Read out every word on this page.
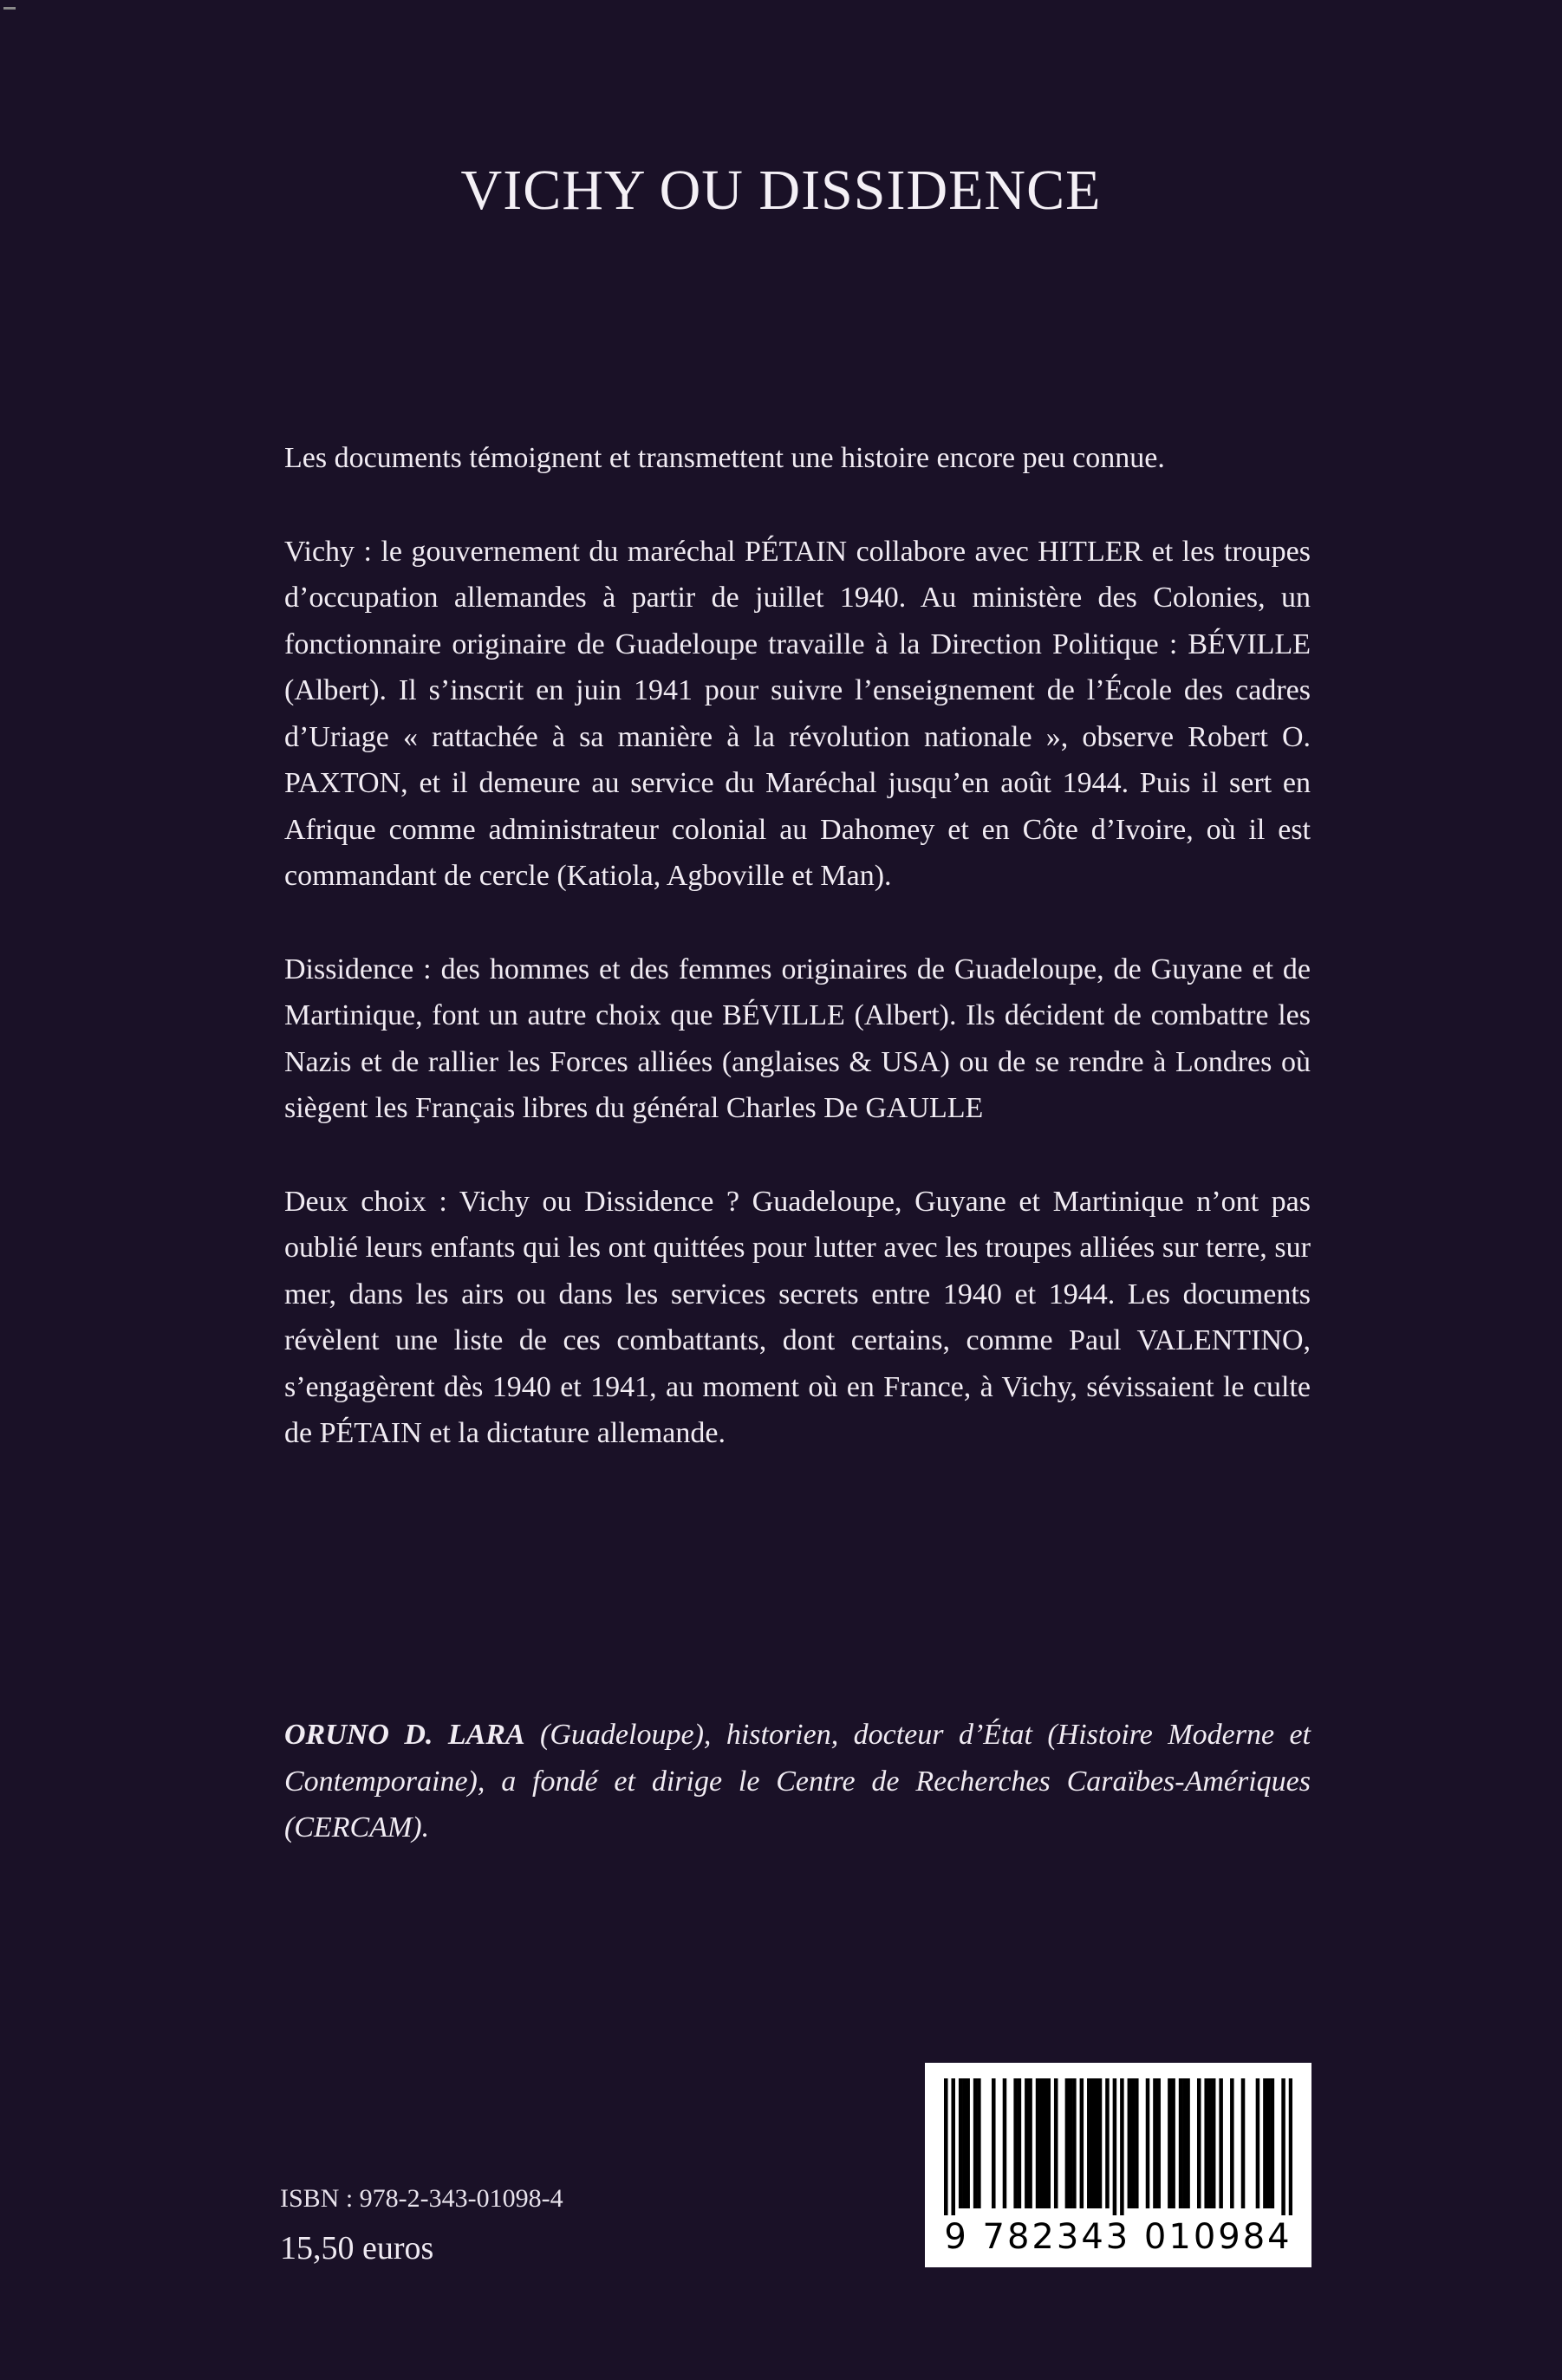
VICHY OU DISSIDENCE

Les documents témoignent et transmettent une histoire encore peu connue.

Vichy : le gouvernement du maréchal PÉTAIN collabore avec HITLER et les troupes d’occupation allemandes à partir de juillet 1940. Au ministère des Colonies, un fonctionnaire originaire de Guadeloupe travaille à la Direction Politique : BÉVILLE (Albert). Il s’inscrit en juin 1941 pour suivre l’enseignement de l’École des cadres d’Uriage « rattachée à sa manière à la révolution nationale », observe Robert O. PAXTON, et il demeure au service du Maréchal jusqu’en août 1944. Puis il sert en Afrique comme administrateur colonial au Dahomey et en Côte d’Ivoire, où il est commandant de cercle (Katiola, Agboville et Man).

Dissidence : des hommes et des femmes originaires de Guadeloupe, de Guyane et de Martinique, font un autre choix que BÉVILLE (Albert). Ils décident de combattre les Nazis et de rallier les Forces alliées (anglaises & USA) ou de se rendre à Londres où siègent les Français libres du général Charles De GAULLE

Deux choix : Vichy ou Dissidence ? Guadeloupe, Guyane et Martinique n’ont pas oublié leurs enfants qui les ont quittées pour lutter avec les troupes alliées sur terre, sur mer, dans les airs ou dans les services secrets entre 1940 et 1944. Les documents révèlent une liste de ces combattants, dont certains, comme Paul VALENTINO, s’engagèrent dès 1940 et 1941, au moment où en France, à Vichy, sévissaient le culte de PÉTAIN et la dictature allemande.

ORUNO D. LARA (Guadeloupe), historien, docteur d’État (Histoire Moderne et Contemporaine), a fondé et dirige le Centre de Recherches Caraïbes-Amériques (CERCAM).
ISBN : 978-2-343-01098-4
15,50 euros	9 782343 010984
